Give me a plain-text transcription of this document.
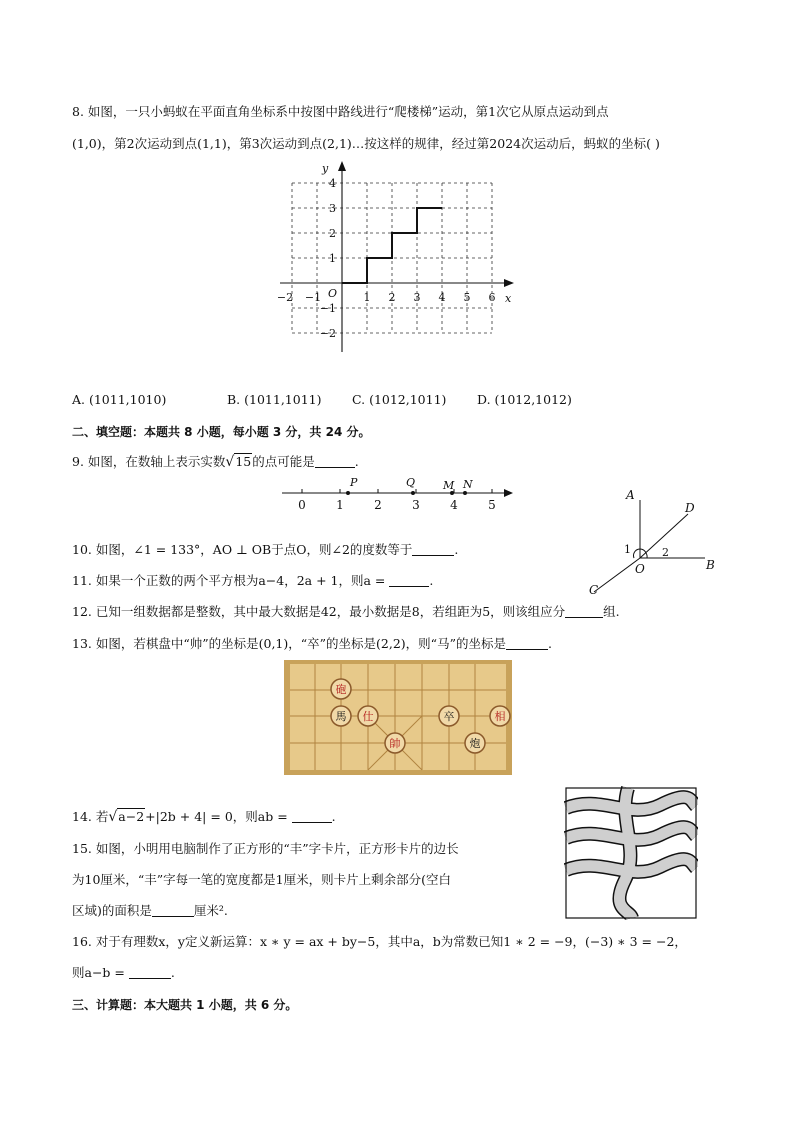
8. 如图，一只小蚂蚁在平面直角坐标系中按图中路线进行“爬楼梯”运动，第1次它从原点运动到点
(1,0)，第2次运动到点(1,1)，第3次运动到点(2,1)…按这样的规律，经过第2024次运动后，蚂蚁的坐标( )
x
y
O
−2 −1	1 2 3 4 5 6
4
3
2
1
−1
−2
A. (1011,1010)	B. (1011,1011) C. (1012,1011) D. (1012,1012)
二、填空题：本题共 8 小题，每小题 3 分，共 24 分。
9. 如图，在数轴上表示实数√15的点可能是	.
0	1	2	3	4	5
P	Q	M N
A
B
C
D
O
1	2
10. 如图，∠1 = 133°，AO ⊥ OB于点O，则∠2的度数等于	.
11. 如果一个正数的两个平方根为a−4，2a + 1，则a =	.
12. 已知一组数据都是整数，其中最大数据是42，最小数据是8，若组距为5，则该组应分	组.
13. 如图，若棋盘中“帅”的坐标是(0,1)，“卒”的坐标是(2,2)，则“马”的坐标是	.
砲
馬 仕
帥
卒	相
炮
14. 若√a−2+|2b + 4| = 0，则ab =	.
15. 如图，小明用电脑制作了正方形的“丰”字卡片，正方形卡片的边长
为10厘米，“丰”字每一笔的宽度都是1厘米，则卡片上剩余部分(空白
区域)的面积是	厘米².
16. 对于有理数x，y定义新运算：x ∗ y = ax + by−5，其中a，b为常数已知1 ∗ 2 = −9，(−3) ∗ 3 = −2，
则a−b =	.
三、计算题：本大题共 1 小题，共 6 分。
